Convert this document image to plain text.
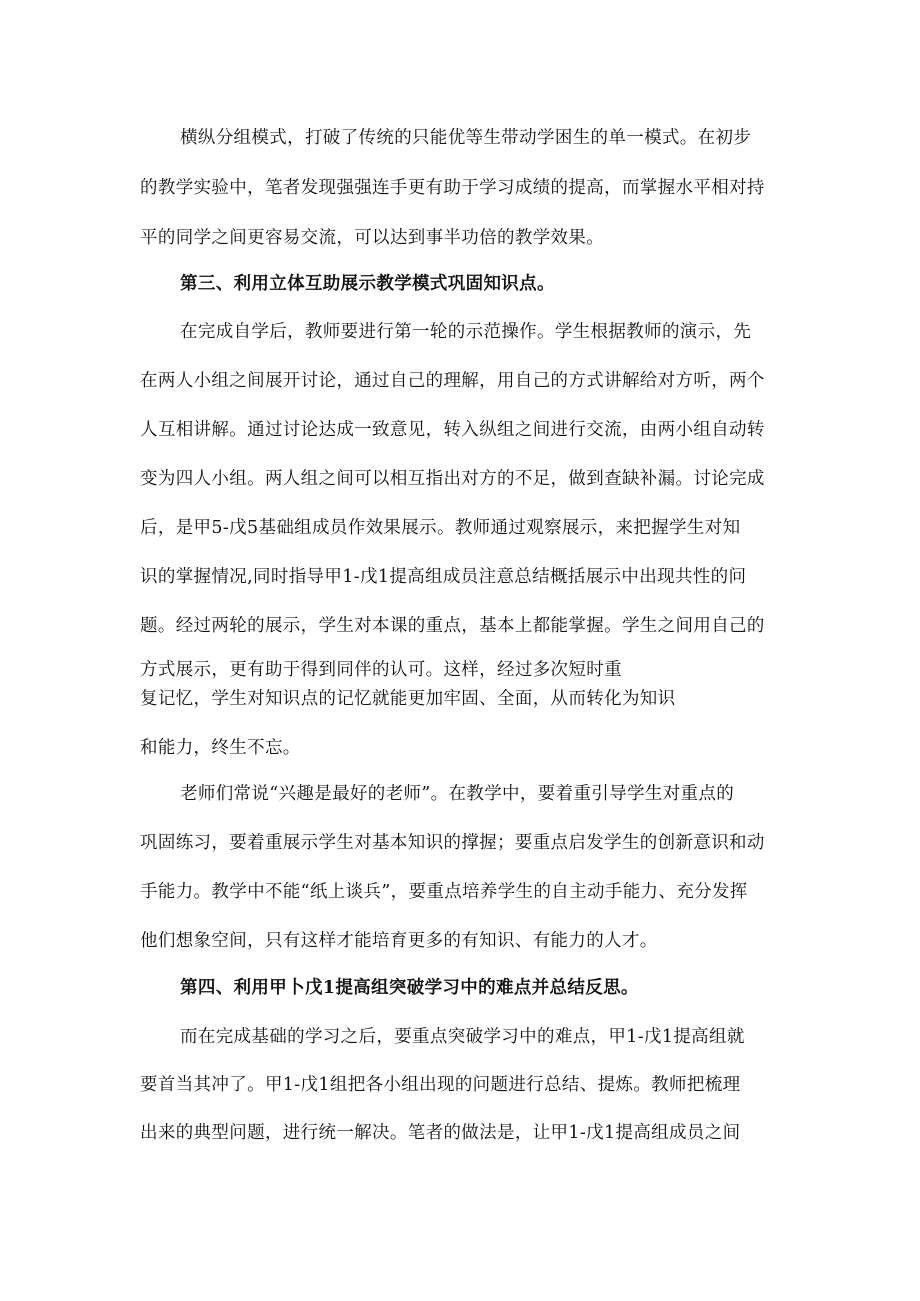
横纵分组模式，打破了传统的只能优等生带动学困生的单一模式。在初步
的教学实验中，笔者发现强强连手更有助于学习成绩的提高，而掌握水平相对持
平的同学之间更容易交流，可以达到事半功倍的教学效果。
第三、利用立体互助展示教学模式巩固知识点。
在完成自学后，教师要进行第一轮的示范操作。学生根据教师的演示，先
在两人小组之间展开讨论，通过自己的理解，用自己的方式讲解给对方听，两个
人互相讲解。通过讨论达成一致意见，转入纵组之间进行交流，由两小组自动转
变为四人小组。两人组之间可以相互指出对方的不足，做到查缺补漏。讨论完成
后，是甲5-戊5基础组成员作效果展示。教师通过观察展示，来把握学生对知
识的掌握情况,同时指导甲1-戊1提高组成员注意总结概括展示中出现共性的问
题。经过两轮的展示，学生对本课的重点，基本上都能掌握。学生之间用自己的
方式展示，更有助于得到同伴的认可。这样，经过多次短时重
复记忆，学生对知识点的记忆就能更加牢固、全面，从而转化为知识
和能力，终生不忘。
老师们常说“兴趣是最好的老师”。在教学中，要着重引导学生对重点的
巩固练习，要着重展示学生对基本知识的撑握；要重点启发学生的创新意识和动
手能力。教学中不能“纸上谈兵”，要重点培养学生的自主动手能力、充分发挥
他们想象空间，只有这样才能培育更多的有知识、有能力的人才。
第四、利用甲卜戊1提高组突破学习中的难点并总结反思。
而在完成基础的学习之后，要重点突破学习中的难点，甲1-戊1提高组就
要首当其冲了。甲1-戊1组把各小组出现的问题进行总结、提炼。教师把梳理
出来的典型问题，进行统一解决。笔者的做法是，让甲1-戊1提高组成员之间
